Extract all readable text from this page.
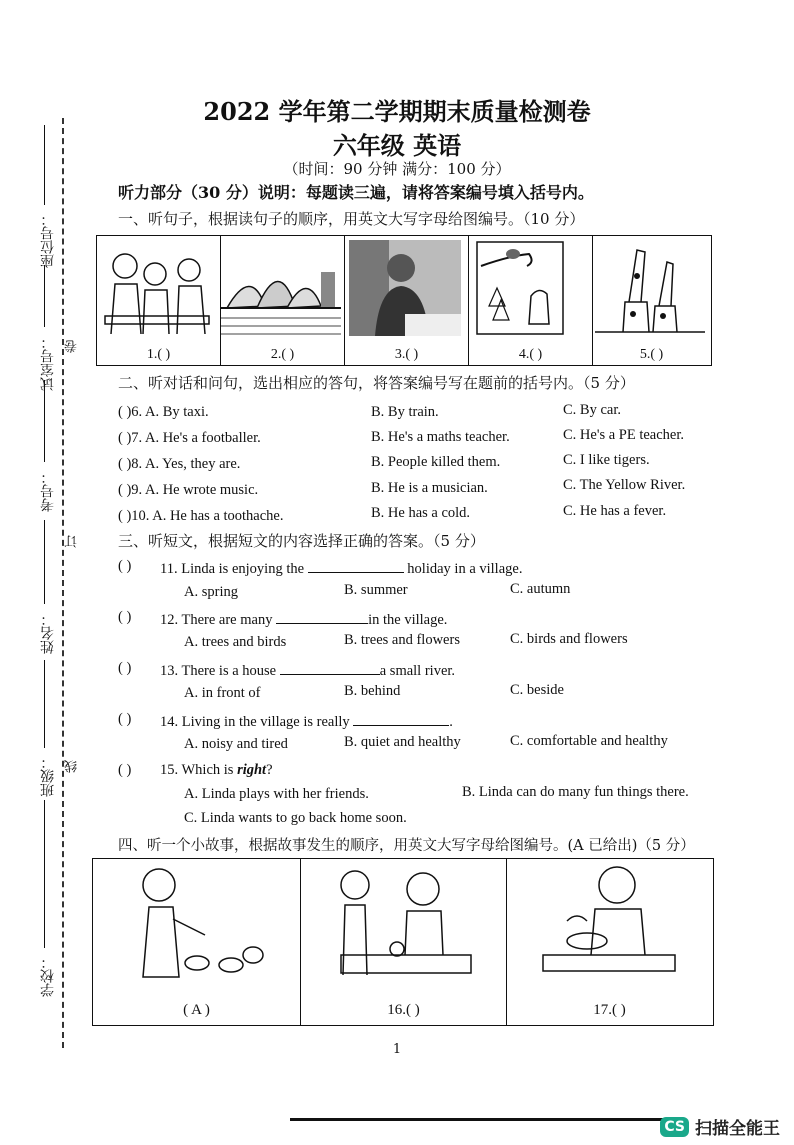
座位号：
试室号： 卷
考号：
订
姓名：
班级： 线
学校：
2022 学年第二学期期末质量检测卷
六年级 英语
（时间：90 分钟 满分：100 分）
听力部分（30 分）说明：每题读三遍，请将答案编号填入括号内。
一、听句子，根据读句子的顺序，用英文大写字母给图编号。（10 分）
1.( )	2.( )	3.( )	4.( )	5.( )
二、听对话和问句，选出相应的答句，将答案编号写在题前的括号内。（5 分）
( )6. A. By taxi.	B. By train.	C. By car.
( )7. A. He's a footballer.	B. He's a maths teacher.	C. He's a PE teacher.
( )8. A. Yes, they are.	B. People killed them.	C. I like tigers.
( )9. A. He wrote music.	B. He is a musician.	C. The Yellow River.
( )10. A. He has a toothache.	B. He has a cold.	C. He has a fever.
三、听短文，根据短文的内容选择正确的答案。（5 分）
( ) 11. Linda is enjoying the	holiday in a village.
A. spring	B. summer	C. autumn
( ) 12. There are many	in the village.
A. trees and birds	B. trees and flowers	C. birds and flowers
( ) 13. There is a house	a small river.
A. in front of	B. behind	C. beside
( ) 14. Living in the village is really	.
A. noisy and tired	B. quiet and healthy	C. comfortable and healthy
( ) 15. Which is right?
A. Linda plays with her friends.	B. Linda can do many fun things there.
C. Linda wants to go back home soon.
四、听一个小故事，根据故事发生的顺序，用英文大写字母给图编号。(A 已给出)（5 分）
( A )	16.( )	17.( )
1
CS 扫描全能王
